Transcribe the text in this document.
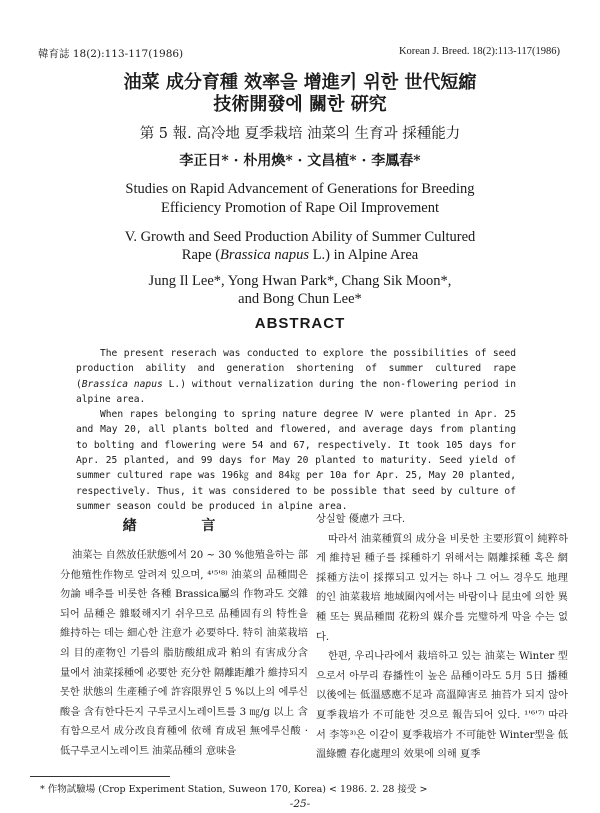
韓育誌 18(2):113-117(1986)	Korean J. Breed. 18(2):113-117(1986)
油菜 成分育種 效率을 增進키 위한 世代短縮
技術開發에 關한 硏究
第 5 報. 高冷地 夏季栽培 油菜의 生育과 採種能力
李正日* · 朴用煥* · 文昌植* · 李鳳春*
Studies on Rapid Advancement of Generations for Breeding
Efficiency Promotion of Rape Oil Improvement
V. Growth and Seed Production Ability of Summer Cultured
Rape (Brassica napus L.) in Alpine Area
Jung Il Lee*, Yong Hwan Park*, Chang Sik Moon*,
and Bong Chun Lee*
ABSTRACT

The present reserach was conducted to explore the possibilities of seed production ability and generation shortening of summer cultured rape (Brassica napus L.) without vernalization during the non-flowering period in alpine area.

When rapes belonging to spring nature degree Ⅳ were planted in Apr. 25 and May 20, all plants bolted and flowered, and average days from planting to bolting and flowering were 54 and 67, respectively. It took 105 days for Apr. 25 planted, and 99 days for May 20 planted to maturity. Seed yield of summer cultured rape was 196㎏ and 84㎏ per 10a for Apr. 25, May 20 planted, respectively. Thus, it was considered to be possible that seed by culture of summer season could be produced in alpine area.

緖 言

油菜는 自然放任狀態에서 20 ~ 30 %他殖을하는 部分他殖性作物로 알려져 있으며, ⁴'⁵'⁸⁾ 油菜의 品種間은 勿論 배추를 비롯한 各種 Brassica屬의 作物과도 交雜되어 品種은 雜駁해지기 쉬우므로 品種固有의 特性을 維持하는 데는 細心한 注意가 必要하다. 特히 油菜栽培의 目的產物인 기름의 脂肪酸組成과 粕의 有害成分含量에서 油菜採種에 必要한 充分한 隔離距離가 維持되지 못한 狀態의 生產種子에 許容限界인 5 %以上의 에루신酸을 含有한다든지 구루코시노레이트를 3 ㎎/g 以上 含有함으로서 成分改良育種에 依해 育成된 無에루신酸 · 低구루코시노레이트 油菜品種의 意味을

상실할 優慮가 크다.

따라서 油菜種質의 成分을 비롯한 主要形質이 純粹하게 維持된 種子를 採種하기 위해서는 隔離採種 혹은 網採種方法이 採擇되고 있거는 하나 그 어느 경우도 地理的인 油菜栽培 地域圈內에서는 바람이나 昆虫에 의한 異種 또는 異品種間 花粉의 媒介를 完璧하게 막을 수는 없다.

한편, 우리나라에서 栽培하고 있는 油菜는 Winter 型으로서 아무리 春播性이 높은 品種이라도 5月 5日 播種以後에는 低溫感應不足과 高溫障害로 抽苔가 되지 않아 夏季栽培가 不可能한 것으로 報告되어 있다. ¹'⁶'⁷⁾ 따라서 李等³⁾은 이같이 夏季栽培가 不可能한 Winter型을 低溫綠體 春化處理의 效果에 의해 夏季

* 作物試驗場 (Crop Experiment Station, Suweon 170, Korea) < 1986. 2. 28 接受 >
-25-
